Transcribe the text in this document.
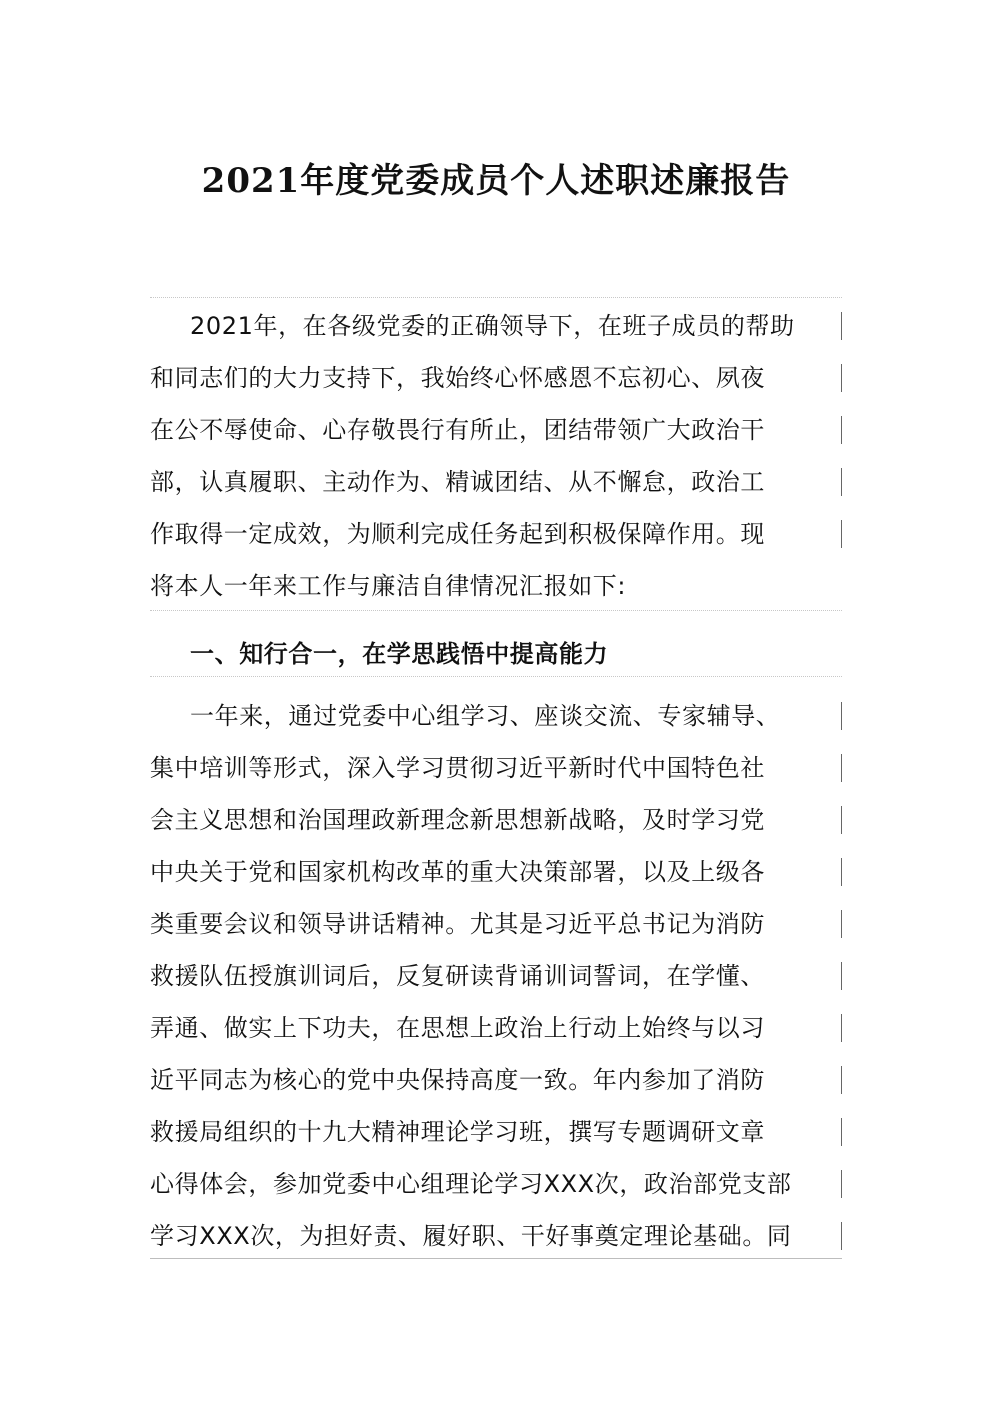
2021年度党委成员个人述职述廉报告
2021年，在各级党委的正确领导下，在班子成员的帮助
和同志们的大力支持下，我始终心怀感恩不忘初心、夙夜
在公不辱使命、心存敬畏行有所止，团结带领广大政治干
部，认真履职、主动作为、精诚团结、从不懈怠，政治工
作取得一定成效，为顺利完成任务起到积极保障作用。现
将本人一年来工作与廉洁自律情况汇报如下:
一、知行合一，在学思践悟中提高能力
一年来，通过党委中心组学习、座谈交流、专家辅导、
集中培训等形式，深入学习贯彻习近平新时代中国特色社
会主义思想和治国理政新理念新思想新战略，及时学习党
中央关于党和国家机构改革的重大决策部署，以及上级各
类重要会议和领导讲话精神。尤其是习近平总书记为消防
救援队伍授旗训词后，反复研读背诵训词誓词，在学懂、
弄通、做实上下功夫，在思想上政治上行动上始终与以习
近平同志为核心的党中央保持高度一致。年内参加了消防
救援局组织的十九大精神理论学习班，撰写专题调研文章
心得体会，参加党委中心组理论学习XXX次，政治部党支部
学习XXX次，为担好责、履好职、干好事奠定理论基础。同
